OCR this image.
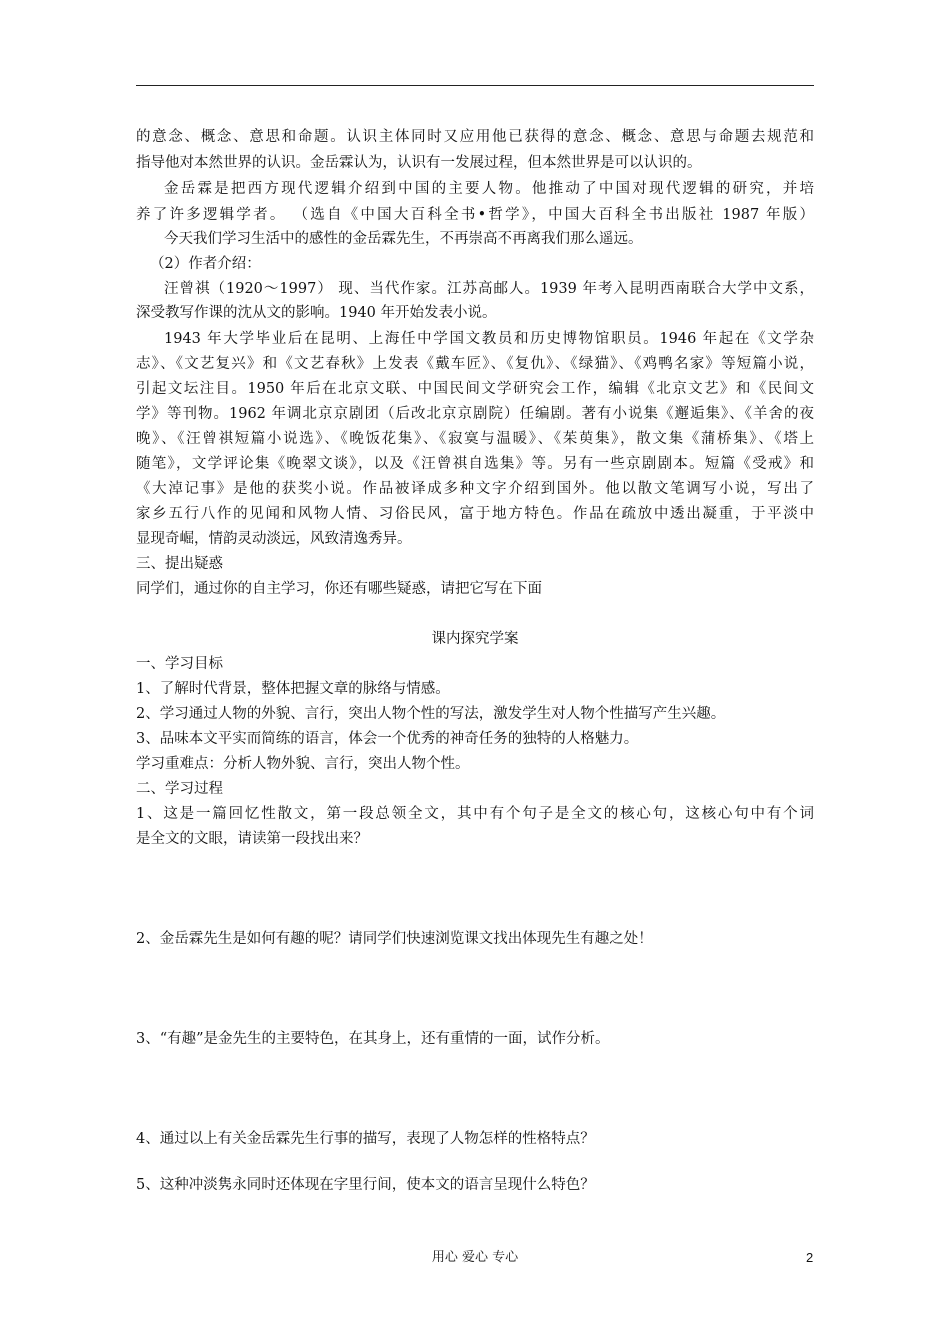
的意念、概念、意思和命题。认识主体同时又应用他已获得的意念、概念、意思与命题去规范和
指导他对本然世界的认识。金岳霖认为，认识有一发展过程，但本然世界是可以认识的。
金岳霖是把西方现代逻辑介绍到中国的主要人物。他推动了中国对现代逻辑的研究，并培
养了许多逻辑学者。 （选自《中国大百科全书•哲学》，中国大百科全书出版社 1987 年版）
今天我们学习生活中的感性的金岳霖先生，不再崇高不再离我们那么遥远。
（2）作者介绍：
汪曾祺（1920～1997） 现、当代作家。江苏高邮人。1939 年考入昆明西南联合大学中文系，
深受教写作课的沈从文的影响。1940 年开始发表小说。
1943 年大学毕业后在昆明、上海任中学国文教员和历史博物馆职员。1946 年起在《文学杂
志》、《文艺复兴》和《文艺春秋》上发表《戴车匠》、《复仇》、《绿猫》、《鸡鸭名家》等短篇小说，
引起文坛注目。1950 年后在北京文联、中国民间文学研究会工作，编辑《北京文艺》和《民间文
学》等刊物。1962 年调北京京剧团（后改北京京剧院）任编剧。著有小说集《邂逅集》、《羊舍的夜
晚》、《汪曾祺短篇小说选》、《晚饭花集》、《寂寞与温暖》、《茱萸集》，散文集《蒲桥集》、《塔上
随笔》，文学评论集《晚翠文谈》，以及《汪曾祺自选集》等。另有一些京剧剧本。短篇《受戒》和
《大淖记事》是他的获奖小说。作品被译成多种文字介绍到国外。他以散文笔调写小说，写出了
家乡五行八作的见闻和风物人情、习俗民风，富于地方特色。作品在疏放中透出凝重，于平淡中
显现奇崛，情韵灵动淡远，风致清逸秀异。
三、提出疑惑
同学们，通过你的自主学习，你还有哪些疑惑，请把它写在下面
课内探究学案
一、学习目标
1、了解时代背景，整体把握文章的脉络与情感。
2、学习通过人物的外貌、言行，突出人物个性的写法，激发学生对人物个性描写产生兴趣。
3、品味本文平实而简练的语言，体会一个优秀的神奇任务的独特的人格魅力。
学习重难点：分析人物外貌、言行，突出人物个性。
二、学习过程
1、这是一篇回忆性散文，第一段总领全文，其中有个句子是全文的核心句，这核心句中有个词
是全文的文眼，请读第一段找出来？
2、金岳霖先生是如何有趣的呢？请同学们快速浏览课文找出体现先生有趣之处！
3、“有趣”是金先生的主要特色，在其身上，还有重情的一面，试作分析。
4、通过以上有关金岳霖先生行事的描写，表现了人物怎样的性格特点？
5、这种冲淡隽永同时还体现在字里行间，使本文的语言呈现什么特色？
用心 爱心 专心	2
